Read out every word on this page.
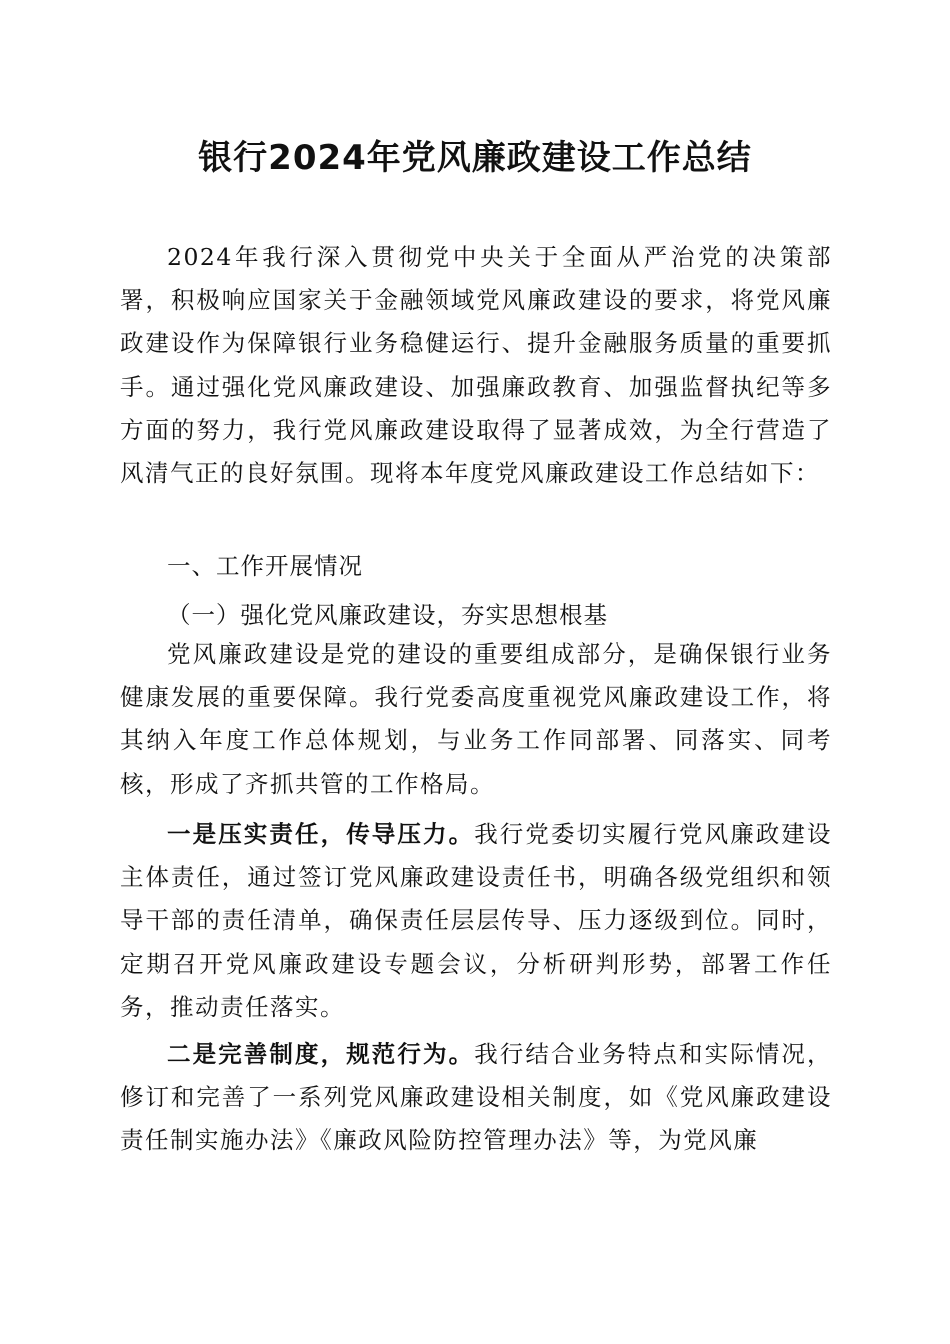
银行2024年党风廉政建设工作总结
2024年我行深入贯彻党中央关于全面从严治党的决策部署，积极响应国家关于金融领域党风廉政建设的要求，将党风廉政建设作为保障银行业务稳健运行、提升金融服务质量的重要抓手。通过强化党风廉政建设、加强廉政教育、加强监督执纪等多方面的努力，我行党风廉政建设取得了显著成效，为全行营造了风清气正的良好氛围。现将本年度党风廉政建设工作总结如下：
一、工作开展情况
（一）强化党风廉政建设，夯实思想根基
党风廉政建设是党的建设的重要组成部分，是确保银行业务健康发展的重要保障。我行党委高度重视党风廉政建设工作，将其纳入年度工作总体规划，与业务工作同部署、同落实、同考核，形成了齐抓共管的工作格局。
一是压实责任，传导压力。我行党委切实履行党风廉政建设主体责任，通过签订党风廉政建设责任书，明确各级党组织和领导干部的责任清单，确保责任层层传导、压力逐级到位。同时，定期召开党风廉政建设专题会议，分析研判形势，部署工作任务，推动责任落实。
二是完善制度，规范行为。我行结合业务特点和实际情况，修订和完善了一系列党风廉政建设相关制度，如《党风廉政建设责任制实施办法》《廉政风险防控管理办法》等，为党风廉
